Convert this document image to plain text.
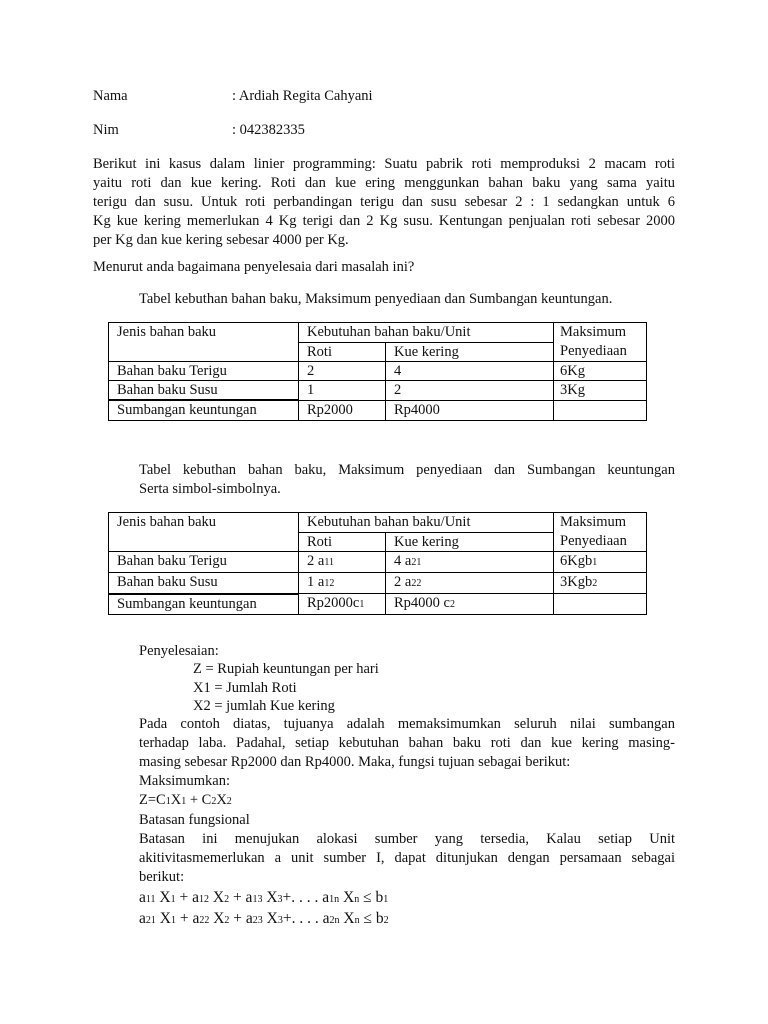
Nama	: Ardiah Regita Cahyani
Nim	: 042382335
Berikut ini kasus dalam linier programming: Suatu pabrik roti memproduksi 2 macam roti
yaitu roti dan kue kering. Roti dan kue ering menggunkan bahan baku yang sama yaitu
terigu dan susu. Untuk roti perbandingan terigu dan susu sebesar 2 : 1 sedangkan untuk 6
Kg kue kering memerlukan 4 Kg terigi dan 2 Kg susu. Kentungan penjualan roti sebesar 2000
per Kg dan kue kering sebesar 4000 per Kg.
Menurut anda bagaimana penyelesaia dari masalah ini?
Tabel kebuthan bahan baku, Maksimum penyediaan dan Sumbangan keuntungan.
Jenis bahan baku	Kebutuhan bahan baku/Unit		Maksimum
Penyediaan

	Roti	Kue kering	
Bahan baku Terigu	2	4	6Kg
Bahan baku Susu	1	2	3Kg
Sumbangan keuntungan	Rp2000	Rp4000	
Tabel kebuthan bahan baku, Maksimum penyediaan dan Sumbangan keuntungan
Serta simbol-simbolnya.
Jenis bahan baku	Kebutuhan bahan baku/Unit		Maksimum
Penyediaan

	Roti	Kue kering	
Bahan baku Terigu	2 a11	4 a21	6Kgb1
Bahan baku Susu	1 a12	2 a22	3Kgb2
Sumbangan keuntungan	Rp2000c1	Rp4000 c2	
Penyelesaian:
Z = Rupiah keuntungan per hari
X1 = Jumlah Roti
X2 = jumlah Kue kering
Pada contoh diatas, tujuanya adalah memaksimumkan seluruh nilai sumbangan
terhadap laba. Padahal, setiap kebutuhan bahan baku roti dan kue kering masing-
masing sebesar Rp2000 dan Rp4000. Maka, fungsi tujuan sebagai berikut:
Maksimumkan:
Z=C1X1 + C2X2
Batasan fungsional
Batasan ini menujukan alokasi sumber yang tersedia, Kalau setiap Unit
akitivitasmemerlukan a unit sumber I, dapat ditunjukan dengan persamaan sebagai
berikut:
a11 X1 + a12 X2 + a13 X3+. . . . a1n Xn ≤ b1
a21 X1 + a22 X2 + a23 X3+. . . . a2n Xn ≤ b2
